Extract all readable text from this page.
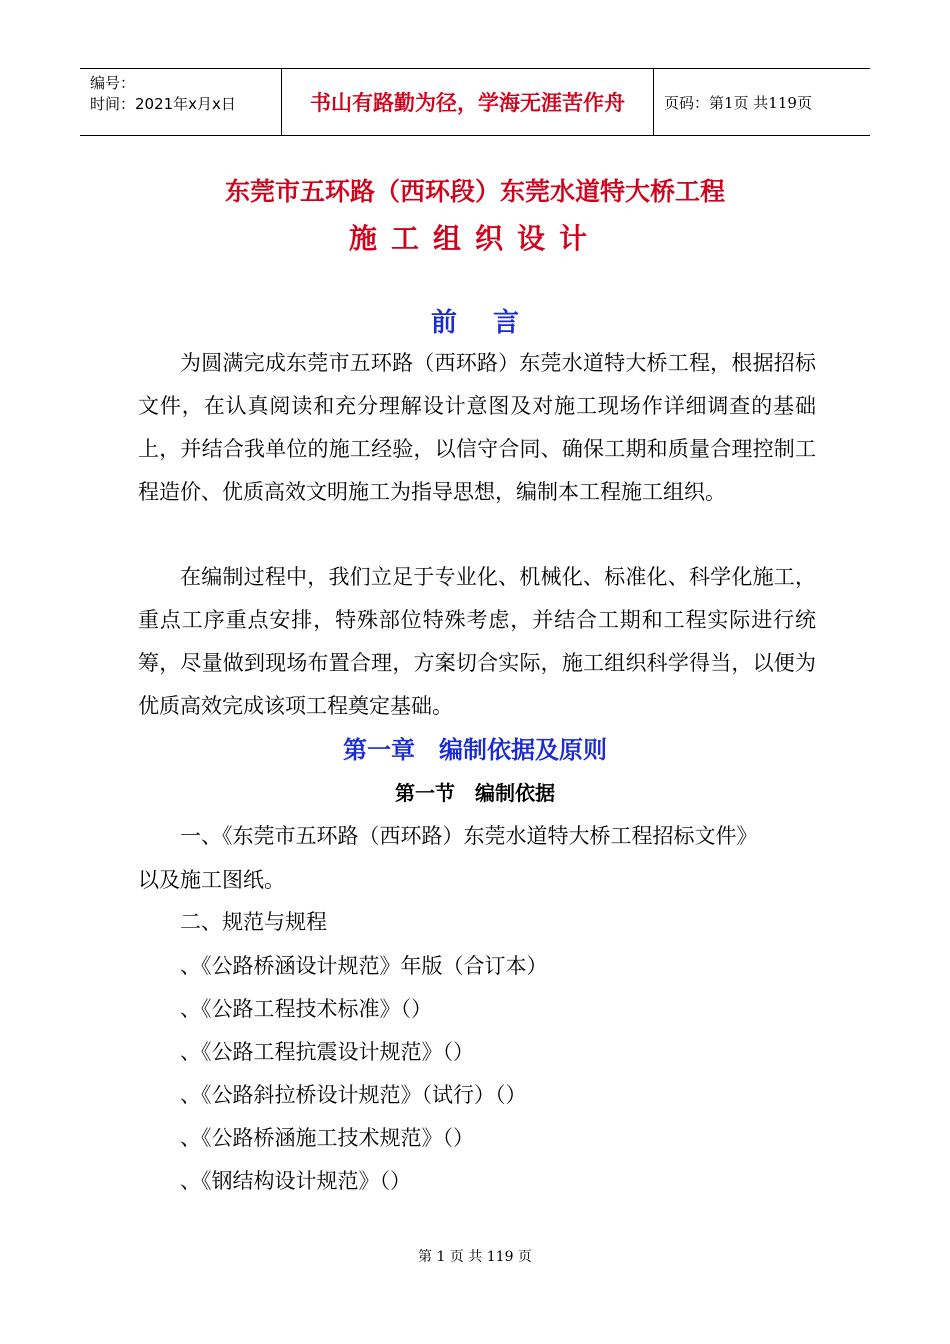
编号：
时间：2021年x月x日	书山有路勤为径，学海无涯苦作舟	页码：第1页 共119页
东莞市五环路（西环段）东莞水道特大桥工程
施工组织设计
前言

为圆满完成东莞市五环路（西环路）东莞水道特大桥工程，根据招标文件，在认真阅读和充分理解设计意图及对施工现场作详细调查的基础上，并结合我单位的施工经验，以信守合同、确保工期和质量合理控制工程造价、优质高效文明施工为指导思想，编制本工程施工组织。

在编制过程中，我们立足于专业化、机械化、标准化、科学化施工，重点工序重点安排，特殊部位特殊考虑，并结合工期和工程实际进行统筹，尽量做到现场布置合理，方案切合实际，施工组织科学得当，以便为优质高效完成该项工程奠定基础。

第一章　编制依据及原则
第一节　编制依据
一、《东莞市五环路（西环路）东莞水道特大桥工程招标文件》
以及施工图纸。
二、规范与规程
、《公路桥涵设计规范》年版（合订本）
、《公路工程技术标准》（）
、《公路工程抗震设计规范》（）
、《公路斜拉桥设计规范》（试行）（）
、《公路桥涵施工技术规范》（）
、《钢结构设计规范》（）
第 1 页 共 119 页
